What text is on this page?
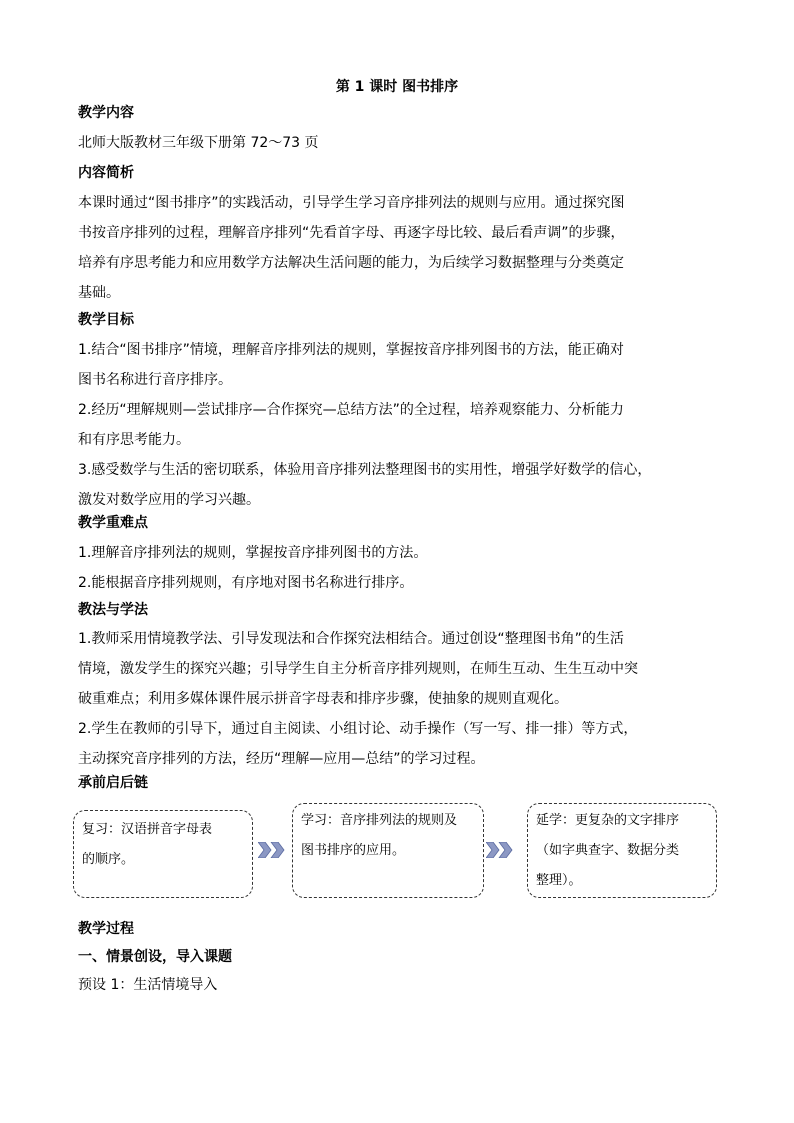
第 1 课时 图书排序
教学内容
北师大版教材三年级下册第 72～73 页
内容简析
本课时通过“图书排序”的实践活动，引导学生学习音序排列法的规则与应用。通过探究图
书按音序排列的过程，理解音序排列“先看首字母、再逐字母比较、最后看声调”的步骤，
培养有序思考能力和应用数学方法解决生活问题的能力，为后续学习数据整理与分类奠定
基础。
教学目标
1.结合“图书排序”情境，理解音序排列法的规则，掌握按音序排列图书的方法，能正确对
图书名称进行音序排序。
2.经历“理解规则—尝试排序—合作探究—总结方法”的全过程，培养观察能力、分析能力
和有序思考能力。
3.感受数学与生活的密切联系，体验用音序排列法整理图书的实用性，增强学好数学的信心，
激发对数学应用的学习兴趣。
教学重难点
1.理解音序排列法的规则，掌握按音序排列图书的方法。
2.能根据音序排列规则，有序地对图书名称进行排序。
教法与学法
1.教师采用情境教学法、引导发现法和合作探究法相结合。通过创设“整理图书角”的生活
情境，激发学生的探究兴趣；引导学生自主分析音序排列规则，在师生互动、生生互动中突
破重难点；利用多媒体课件展示拼音字母表和排序步骤，使抽象的规则直观化。
2.学生在教师的引导下，通过自主阅读、小组讨论、动手操作（写一写、排一排）等方式，
主动探究音序排列的方法，经历“理解—应用—总结”的学习过程。
承前启后链
复习：汉语拼音字母表
的顺序。
学习：音序排列法的规则及
图书排序的应用。
延学：更复杂的文字排序
（如字典查字、数据分类
整理）。
教学过程
一、情景创设，导入课题
预设 1：生活情境导入
